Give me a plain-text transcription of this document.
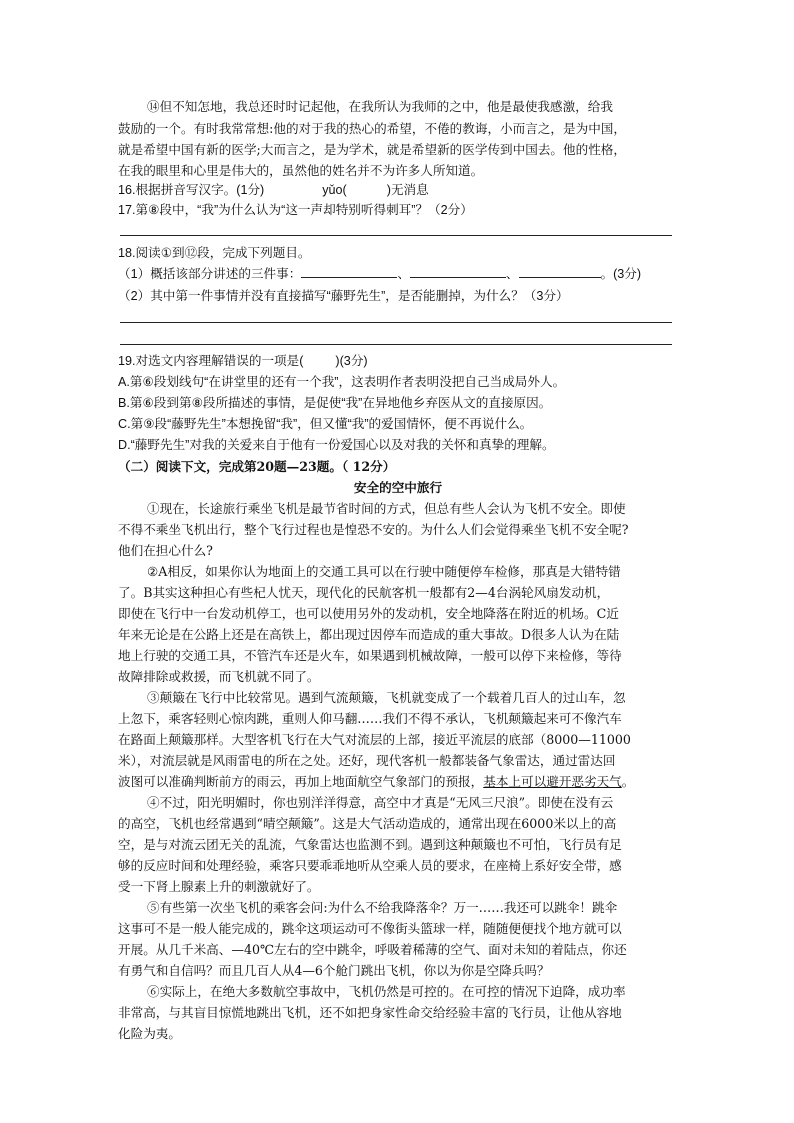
⑭但不知怎地，我总还时时记起他，在我所认为我师的之中，他是最使我感激，给我
鼓励的一个。有时我常常想:他的对于我的热心的希望，不倦的教诲，小而言之，是为中国，
就是希望中国有新的医学;大而言之，是为学术，就是希望新的医学传到中国去。他的性格，
在我的眼里和心里是伟大的，虽然他的姓名并不为许多人所知道。
16.根据拼音写汉字。(1分)	yǔo(	)无消息
17.第⑧段中，“我”为什么认为“这一声却特别听得刺耳”？（2分）
18.阅读①到⑫段，完成下列题目。
（1）概括该部分讲述的三件事：	、	、	。(3分)
（2）其中第一件事情并没有直接描写“藤野先生”，是否能删掉，为什么？（3分）
19.对选文内容理解错误的一项是(	)(3分)
A.第⑥段划线句“在讲堂里的还有一个我”，这表明作者表明没把自己当成局外人。
B.第⑥段到第⑧段所描述的事情，是促使“我”在异地他乡弃医从文的直接原因。
C.第⑨段“藤野先生”本想挽留“我”，但又懂“我”的爱国情怀，便不再说什么。
D.“藤野先生”对我的关爱来自于他有一份爱国心以及对我的关怀和真挚的理解。
（二）阅读下文，完成第20题—23题。（ 12分）
安全的空中旅行
①现在，长途旅行乘坐飞机是最节省时间的方式，但总有些人会认为飞机不安全。即使
不得不乘坐飞机出行，整个飞行过程也是惶恐不安的。为什么人们会觉得乘坐飞机不安全呢?
他们在担心什么?
②A相反，如果你认为地面上的交通工具可以在行驶中随便停车检修，那真是大错特错
了。B其实这种担心有些杞人忧天，现代化的民航客机一般都有2—4台涡轮风扇发动机，
即使在飞行中一台发动机停工，也可以使用另外的发动机，安全地降落在附近的机场。C近
年来无论是在公路上还是在高铁上，都出现过因停车而造成的重大事故。D很多人认为在陆
地上行驶的交通工具，不管汽车还是火车，如果遇到机械故障，一般可以停下来检修，等待
故障排除或救援，而飞机就不同了。
③颠簸在飞行中比较常见。遇到气流颠簸，飞机就变成了一个载着几百人的过山车，忽
上忽下，乘客轻则心惊肉跳，重则人仰马翻……我们不得不承认，飞机颠簸起来可不像汽车
在路面上颠簸那样。大型客机飞行在大气对流层的上部，接近平流层的底部（8000—11000
米），对流层就是风雨雷电的所在之处。还好，现代客机一般都装备气象雷达，通过雷达回
波图可以准确判断前方的雨云，再加上地面航空气象部门的预报，基本上可以避开恶劣天气。
④不过，阳光明媚时，你也别洋洋得意，高空中才真是“无风三尺浪”。即使在没有云
的高空，飞机也经常遇到“晴空颠簸”。这是大气活动造成的，通常出现在6000米以上的高
空，是与对流云团无关的乱流，气象雷达也监测不到。遇到这种颠簸也不可怕，飞行员有足
够的反应时间和处理经验，乘客只要乖乖地听从空乘人员的要求，在座椅上系好安全带，感
受一下肾上腺素上升的刺激就好了。
⑤有些第一次坐飞机的乘客会问:为什么不给我降落伞？万一……我还可以跳伞！跳伞
这事可不是一般人能完成的，跳伞这项运动可不像街头篮球一样，随随便便找个地方就可以
开展。从几千米高、—40℃左右的空中跳伞，呼吸着稀薄的空气、面对未知的着陆点，你还
有勇气和自信吗？而且几百人从4—6个舱门跳出飞机，你以为你是空降兵吗？
⑥实际上，在绝大多数航空事故中，飞机仍然是可控的。在可控的情况下迫降，成功率
非常高，与其盲目惊慌地跳出飞机，还不如把身家性命交给经验丰富的飞行员，让他从容地
化险为夷。
